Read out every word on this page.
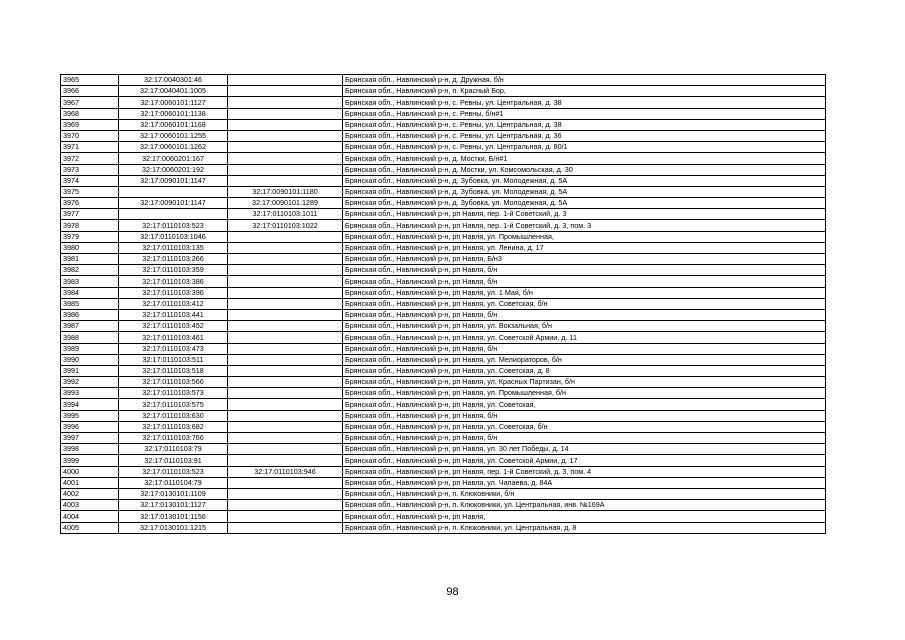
3965	32:17:0040301:46		Брянская обл., Навлинский р-н, д. Дружная, б/н
3966	32:17:0040401:1005		Брянская обл., Навлинский р-н, п. Красный Бор,
3967	32:17:0060101:1127		Брянская обл., Навлинский р-н, с. Ревны, ул. Центральная, д. 38
3968	32:17:0060101:1138		Брянская обл., Навлинский р-н, с. Ревны, б/н#1
3969	32:17:0060101:1168		Брянская обл., Навлинский р-н, с. Ревны, ул. Центральная, д. 38
3970	32:17:0060101:1255		Брянская обл., Навлинский р-н, с. Ревны, ул. Центральная, д. 36
3971	32:17:0060101:1262		Брянская обл., Навлинский р-н, с. Ревны, ул. Центральная, д. 80/1
3972	32:17:0060201:167		Брянская обл., Навлинский р-н, д. Мостки, Б/н#1
3973	32:17:0060201:192		Брянская обл., Навлинский р-н, д. Мостки, ул. Комсомольская, д. 30
3974	32:17:0090101:1147		Брянская обл., Навлинский р-н, д. Зубовка, ул. Молодежная, д. 5А
3975		32:17:0090101:1180	Брянская обл., Навлинский р-н, д. Зубовка, ул. Молодежная, д. 5А
3976	32:17:0090101:1147	32:17:0090101:1289	Брянская обл., Навлинский р-н, д. Зубовка, ул. Молодежная, д. 5А
3977		32:17:0110103:1011	Брянская обл., Навлинский р-н, рп Навля, пер. 1-й Советский, д. 3
3978	32:17:0110103:523	32:17:0110103:1022	Брянская обл., Навлинский р-н, рп Навля, пер. 1-й Советский, д. 3, пом. 3
3979	32:17:0110103:1046		Брянская обл., Навлинский р-н, рп Навля, ул. Промышленная,
3980	32:17:0110103:135		Брянская обл., Навлинский р-н, рп Навля, ул. Ленина, д. 17
3981	32:17:0110103:266		Брянская обл., Навлинский р-н, рп Навля, Б/н3
3982	32:17:0110103:359		Брянская обл., Навлинский р-н, рп Навля, б/н
3983	32:17:0110103:386		Брянская обл., Навлинский р-н, рп Навля, б/н
3984	32:17:0110103:396		Брянская обл., Навлинский р-н, рп Навля, ул. 1 Мая, б/н
3985	32:17:0110103:412		Брянская обл., Навлинский р-н, рп Навля, ул. Советская, б/н
3986	32:17:0110103:441		Брянская обл., Навлинский р-н, рп Навля, б/н
3987	32:17:0110103:452		Брянская обл., Навлинский р-н, рп Навля, ул. Вокзальная, б/н
3988	32:17:0110103:461		Брянская обл., Навлинский р-н, рп Навля, ул. Советской Армии, д. 11
3989	32:17:0110103:473		Брянская обл., Навлинский р-н, рп Навля, б/н
3990	32:17:0110103:511		Брянская обл., Навлинский р-н, рп Навля, ул. Мелиораторов, б/н
3991	32:17:0110103:518		Брянская обл., Навлинский р-н, рп Навля, ул. Советская, д. 8
3992	32:17:0110103:566		Брянская обл., Навлинский р-н, рп Навля, ул. Красных Партизан, б/н
3993	32:17:0110103:573		Брянская обл., Навлинский р-н, рп Навля, ул. Промышленная, б/н
3994	32:17:0110103:575		Брянская обл., Навлинский р-н, рп Навля, ул. Советская,
3995	32:17:0110103:630		Брянская обл., Навлинский р-н, рп Навля, б/н
3996	32:17:0110103:682		Брянская обл., Навлинский р-н, рп Навля, ул. Советская, б/н
3997	32:17:0110103:766		Брянская обл., Навлинский р-н, рп Навля, б/н
3998	32:17:0110103:79		Брянская обл., Навлинский р-н, рп Навля, ул. 30 лет Победы, д. 14
3999	32:17:0110103:91		Брянская обл., Навлинский р-н, рп Навля, ул. Советской Армии, д. 17
4000	32:17:0110103:523	32:17:0110103:946	Брянская обл., Навлинский р-н, рп Навля, пер. 1-й Советский, д. 3, пом. 4
4001	32:17:0110104:79		Брянская обл., Навлинский р-н, рп Навля, ул. Чапаева, д. 84А
4002	32:17:0130101:1109		Брянская обл., Навлинский р-н, п. Клюковники, б/н
4003	32:17:0130101:1127		Брянская обл., Навлинский р-н, п. Клюковники, ул. Центральная, инв. №169А
4004	32:17:0130101:1156		Брянская обл., Навлинский р-н, рп Навля,
4005	32:17:0130101:1215		Брянская обл., Навлинский р-н, п. Клюковники, ул. Центральная, д. 8
98
